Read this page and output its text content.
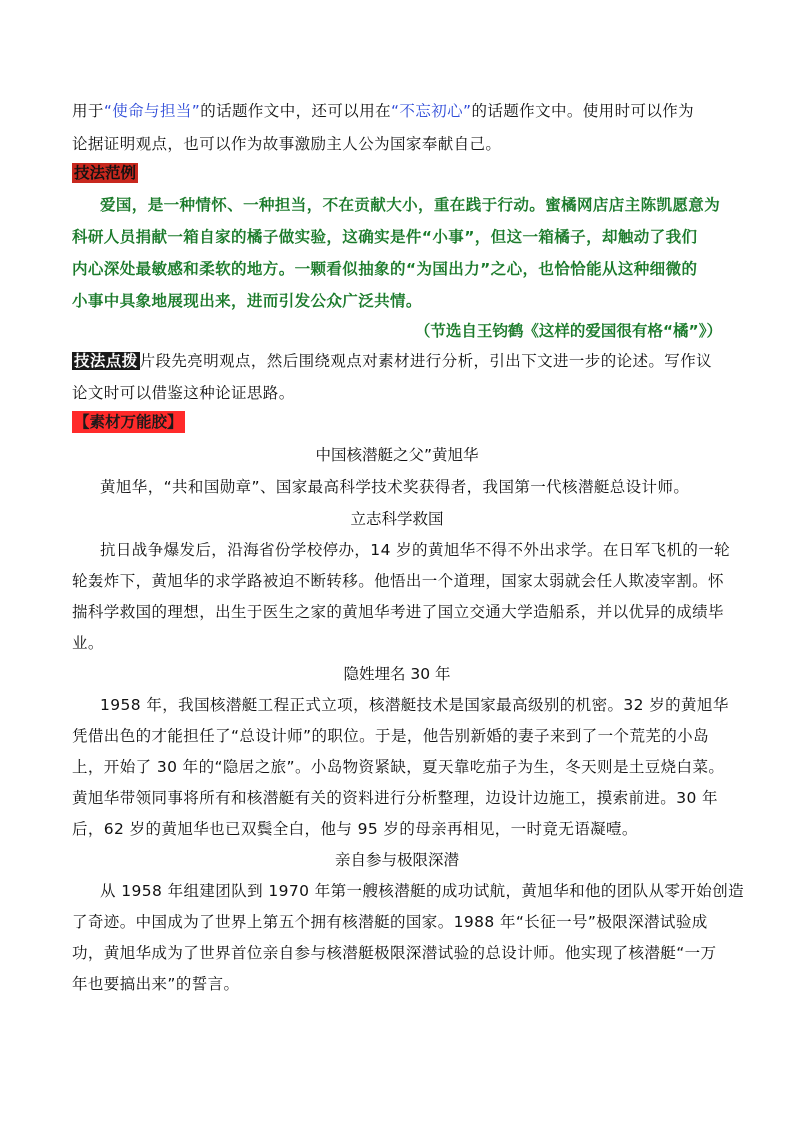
用于“使命与担当”的话题作文中，还可以用在“不忘初心”的话题作文中。使用时可以作为
论据证明观点，也可以作为故事激励主人公为国家奉献自己。
技法范例
爱国，是一种情怀、一种担当，不在贡献大小，重在践于行动。蜜橘网店店主陈凯愿意为
科研人员捐献一箱自家的橘子做实验，这确实是件“小事”，但这一箱橘子，却触动了我们
内心深处最敏感和柔软的地方。一颗看似抽象的“为国出力”之心，也恰恰能从这种细微的
小事中具象地展现出来，进而引发公众广泛共情。
（节选自王钧鹤《这样的爱国很有格“橘”》）
技法点拨 片段先亮明观点，然后围绕观点对素材进行分析，引出下文进一步的论述。写作议
论文时可以借鉴这种论证思路。
【素材万能胶】
中国核潜艇之父”黄旭华
黄旭华，“共和国勋章”、国家最高科学技术奖获得者，我国第一代核潜艇总设计师。
立志科学救国
抗日战争爆发后，沿海省份学校停办，14 岁的黄旭华不得不外出求学。在日军飞机的一轮
轮轰炸下，黄旭华的求学路被迫不断转移。他悟出一个道理，国家太弱就会任人欺凌宰割。怀
揣科学救国的理想，出生于医生之家的黄旭华考进了国立交通大学造船系，并以优异的成绩毕
业。
隐姓埋名 30 年
1958 年，我国核潜艇工程正式立项，核潜艇技术是国家最高级别的机密。32 岁的黄旭华
凭借出色的才能担任了“总设计师”的职位。于是，他告别新婚的妻子来到了一个荒芜的小岛
上，开始了 30 年的“隐居之旅”。小岛物资紧缺，夏天靠吃茄子为生，冬天则是土豆烧白菜。
黄旭华带领同事将所有和核潜艇有关的资料进行分析整理，边设计边施工，摸索前进。30 年
后，62 岁的黄旭华也已双鬓全白，他与 95 岁的母亲再相见，一时竟无语凝噎。
亲自参与极限深潜
从 1958 年组建团队到 1970 年第一艘核潜艇的成功试航，黄旭华和他的团队从零开始创造
了奇迹。中国成为了世界上第五个拥有核潜艇的国家。1988 年“长征一号”极限深潜试验成
功，黄旭华成为了世界首位亲自参与核潜艇极限深潜试验的总设计师。他实现了核潜艇“一万
年也要搞出来”的誓言。
